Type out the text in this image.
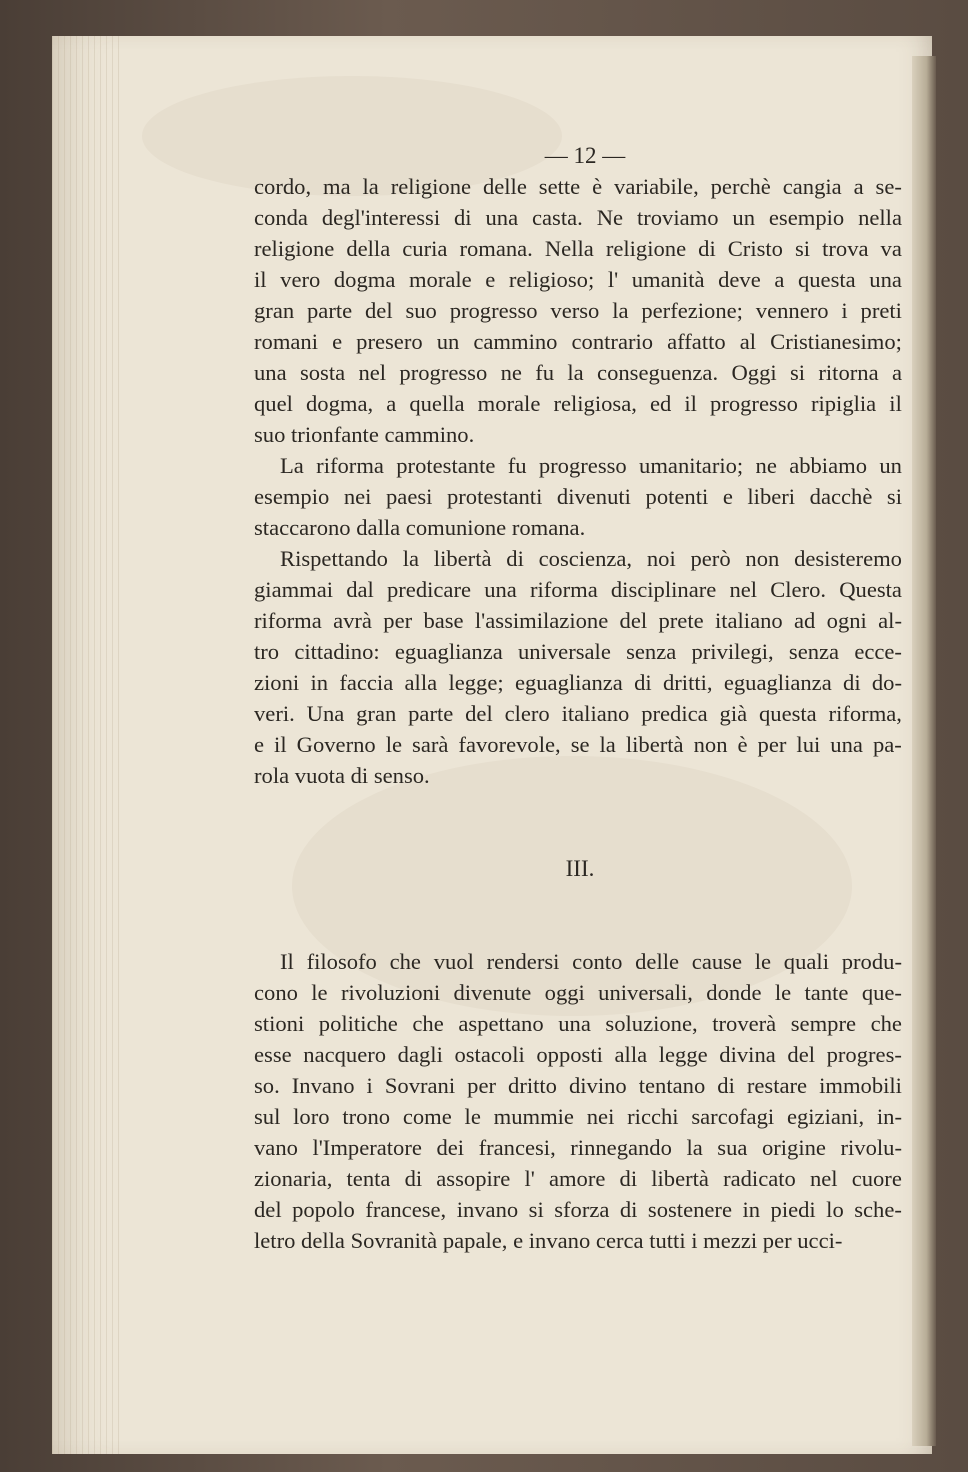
— 12 —
cordo, ma la religione delle sette è variabile, perchè cangia a se-
conda degl'interessi di una casta. Ne troviamo un esempio nella
religione della curia romana. Nella religione di Cristo si trova va
il vero dogma morale e religioso; l' umanità deve a questa una
gran parte del suo progresso verso la perfezione; vennero i preti
romani e presero un cammino contrario affatto al Cristianesimo;
una sosta nel progresso ne fu la conseguenza. Oggi si ritorna a
quel dogma, a quella morale religiosa, ed il progresso ripiglia il
suo trionfante cammino.
La riforma protestante fu progresso umanitario; ne abbiamo un
esempio nei paesi protestanti divenuti potenti e liberi dacchè si
staccarono dalla comunione romana.
Rispettando la libertà di coscienza, noi però non desisteremo
giammai dal predicare una riforma disciplinare nel Clero. Questa
riforma avrà per base l'assimilazione del prete italiano ad ogni al-
tro cittadino: eguaglianza universale senza privilegi, senza ecce-
zioni in faccia alla legge; eguaglianza di dritti, eguaglianza di do-
veri. Una gran parte del clero italiano predica già questa riforma,
e il Governo le sarà favorevole, se la libertà non è per lui una pa-
rola vuota di senso.
III.
Il filosofo che vuol rendersi conto delle cause le quali produ-
cono le rivoluzioni divenute oggi universali, donde le tante que-
stioni politiche che aspettano una soluzione, troverà sempre che
esse nacquero dagli ostacoli opposti alla legge divina del progres-
so. Invano i Sovrani per dritto divino tentano di restare immobili
sul loro trono come le mummie nei ricchi sarcofagi egiziani, in-
vano l'Imperatore dei francesi, rinnegando la sua origine rivolu-
zionaria, tenta di assopire l' amore di libertà radicato nel cuore
del popolo francese, invano si sforza di sostenere in piedi lo sche-
letro della Sovranità papale, e invano cerca tutti i mezzi per ucci-
